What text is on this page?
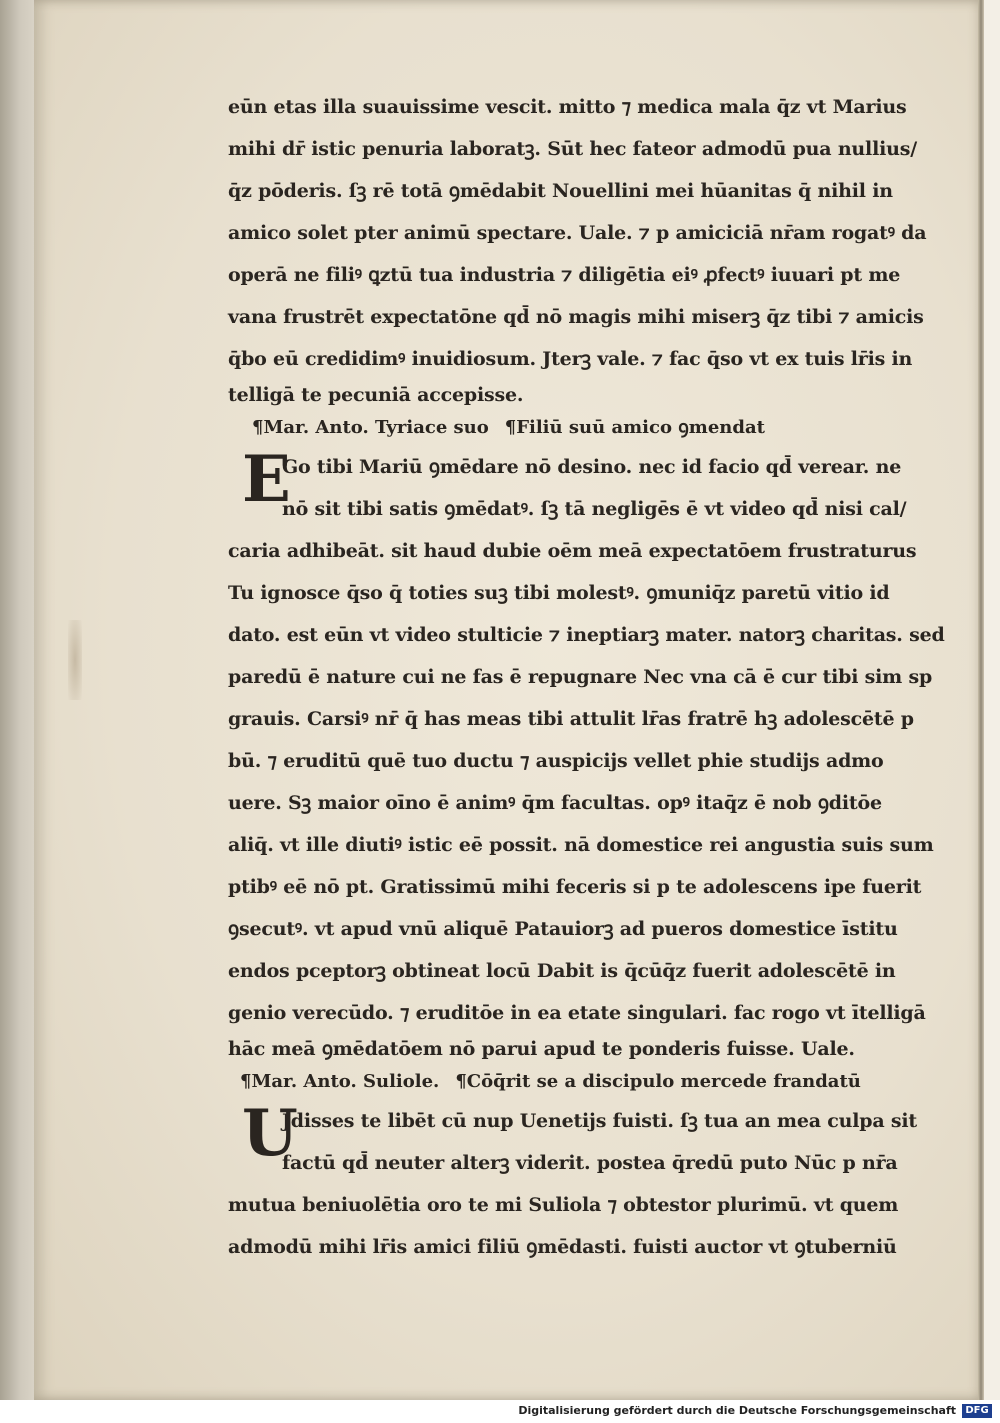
eūn etas illa suauissime vescit. mitto ⁊ medica mala q̄z vt Marius
mihi dr̄ istic penuria laboratꝫ. Sūt hec fateor admodū pua nullius/
q̄z pōderis. ſꝫ rē totā ꝯmēdabit Nouellini mei hūanitas q̄ nihil in
amico solet pter animū spectare. Uale. ⁊ p amiciciā nr̄am rogatꝰ da
operā ne filiꝰ ꝗztū tua industria ⁊ diligētia eiꝰ ꝓfectꝰ iuuari pt me
vana frustrēt expectatōne qd̄ nō magis mihi miserꝫ q̄z tibi ⁊ amicis
q̄bo eū credidimꝰ inuidiosum. Jterꝫ vale. ⁊ fac q̄so vt ex tuis lr̄is in
telligā te pecuniā accepisse.
¶Mar. Anto. Tyriace suo ¶Filiū suū amico ꝯmendat
E
Go tibi Mariū ꝯmēdare nō desino. nec id facio qd̄ verear. ne
nō sit tibi satis ꝯmēdatꝰ. ſꝫ tā negligēs ē vt video qd̄ nisi cal/
caria adhibeāt. sit haud dubie oēm meā expectatōem frustraturus
Tu ignosce q̄so q̄ toties suꝫ tibi molestꝰ. ꝯmuniq̄z paretū vitio id
dato. est eūn vt video stulticie ⁊ ineptiarꝫ mater. natorꝫ charitas. sed
paredū ē nature cui ne fas ē repugnare Nec vna cā ē cur tibi sim sp
grauis. Carsiꝰ nr̄ q̄ has meas tibi attulit lr̄as fratrē hꝫ adolescētē p
bū. ⁊ eruditū quē tuo ductu ⁊ auspicijs vellet phie studijs admo
uere. Sꝫ maior oīno ē animꝰ q̄m facultas. opꝰ itaq̄z ē nob ꝯditōe
aliq̄. vt ille diutiꝰ istic eē possit. nā domestice rei angustia suis sum
ptibꝰ eē nō pt. Gratissimū mihi feceris si p te adolescens ipe fuerit
ꝯsecutꝰ. vt apud vnū aliquē Patauiorꝫ ad pueros domestice īstitu
endos pceptorꝫ obtineat locū Dabit is q̄cūq̄z fuerit adolescētē in
genio verecūdo. ⁊ eruditōe in ea etate singulari. fac rogo vt ītelligā
hāc meā ꝯmēdatōem nō parui apud te ponderis fuisse. Uale.
¶Mar. Anto. Suliole. ¶Cōq̄rit se a discipulo mercede frandatū
U
Jdisses te libēt cū nup Uenetijs fuisti. ſꝫ tua an mea culpa sit
factū qd̄ neuter alterꝫ viderit. postea q̄redū puto Nūc p nr̄a
mutua beniuolētia oro te mi Suliola ⁊ obtestor plurimū. vt quem
admodū mihi lr̄is amici filiū ꝯmēdasti. fuisti auctor vt ꝯtuberniū
Digitalisierung gefördert durch die Deutsche Forschungsgemeinschaft DFG
